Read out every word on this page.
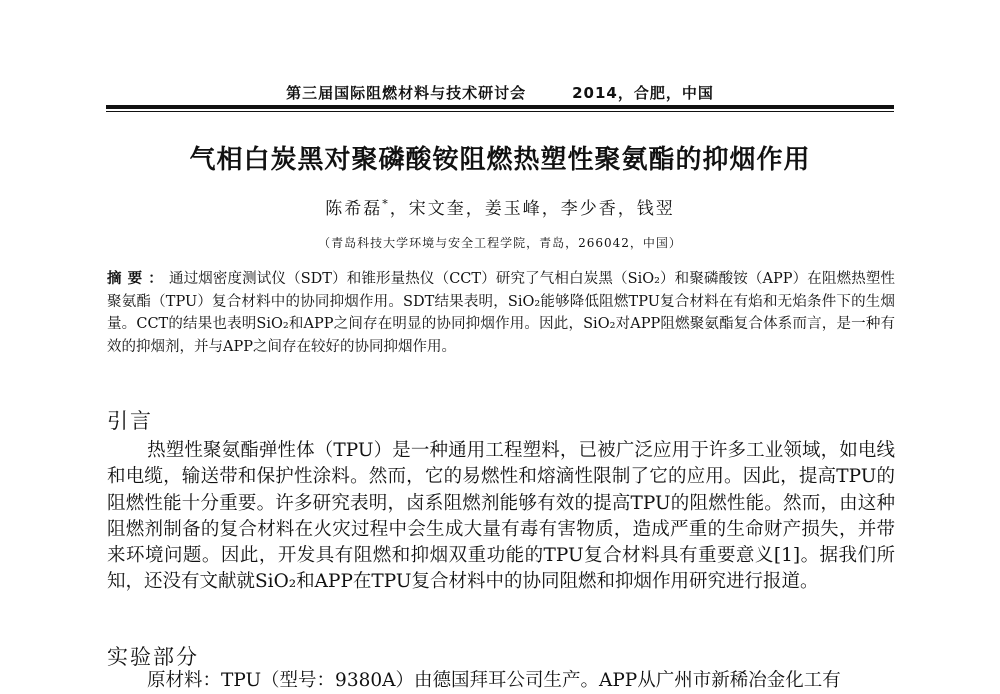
第三届国际阻燃材料与技术研讨会	2014，合肥，中国
气相白炭黑对聚磷酸铵阻燃热塑性聚氨酯的抑烟作用
陈希磊*，宋文奎，姜玉峰，李少香，钱翌
（青岛科技大学环境与安全工程学院，青岛，266042，中国）
摘要：通过烟密度测试仪（SDT）和锥形量热仪（CCT）研究了气相白炭黑（SiO₂）和聚磷酸铵（APP）在阻燃热塑性聚氨酯（TPU）复合材料中的协同抑烟作用。SDT结果表明，SiO₂能够降低阻燃TPU复合材料在有焰和无焰条件下的生烟量。CCT的结果也表明SiO₂和APP之间存在明显的协同抑烟作用。因此，SiO₂对APP阻燃聚氨酯复合体系而言，是一种有效的抑烟剂，并与APP之间存在较好的协同抑烟作用。
引言
热塑性聚氨酯弹性体（TPU）是一种通用工程塑料，已被广泛应用于许多工业领域，如电线和电缆，输送带和保护性涂料。然而，它的易燃性和熔滴性限制了它的应用。因此，提高TPU的阻燃性能十分重要。许多研究表明，卤系阻燃剂能够有效的提高TPU的阻燃性能。然而，由这种阻燃剂制备的复合材料在火灾过程中会生成大量有毒有害物质，造成严重的生命财产损失，并带来环境问题。因此，开发具有阻燃和抑烟双重功能的TPU复合材料具有重要意义[1]。据我们所知，还没有文献就SiO₂和APP在TPU复合材料中的协同阻燃和抑烟作用研究进行报道。
实验部分
原材料：TPU（型号：9380A）由德国拜耳公司生产。APP从广州市新稀冶金化工有
